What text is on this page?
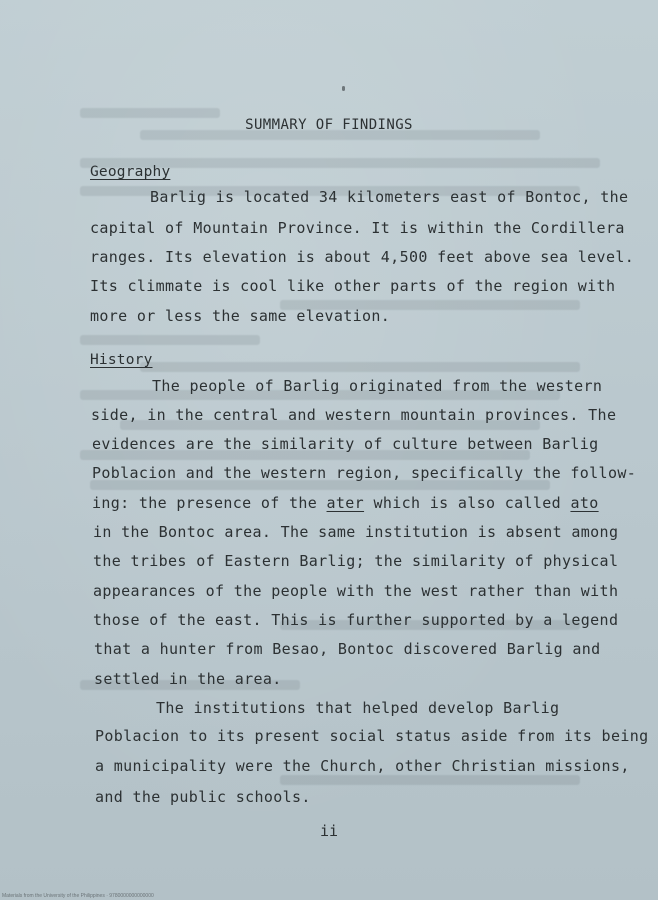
SUMMARY OF FINDINGS
Geography
Barlig is located 34 kilometers east of Bontoc, the
capital of Mountain Province. It is within the Cordillera
ranges. Its elevation is about 4,500 feet above sea level.
Its climmate is cool like other parts of the region with
more or less the same elevation.
History
The people of Barlig originated from the western
side, in the central and western mountain provinces. The
evidences are the similarity of culture between Barlig
Poblacion and the western region, specifically the follow-
ing: the presence of the ater which is also called ato
in the Bontoc area. The same institution is absent among
the tribes of Eastern Barlig; the similarity of physical
appearances of the people with the west rather than with
those of the east. This is further supported by a legend
that a hunter from Besao, Bontoc discovered Barlig and
settled in the area.
The institutions that helped develop Barlig
Poblacion to its present social status aside from its being
a municipality were the Church, other Christian missions,
and the public schools.
ii
Materials from the University of the Philippines · 9780000000000000
